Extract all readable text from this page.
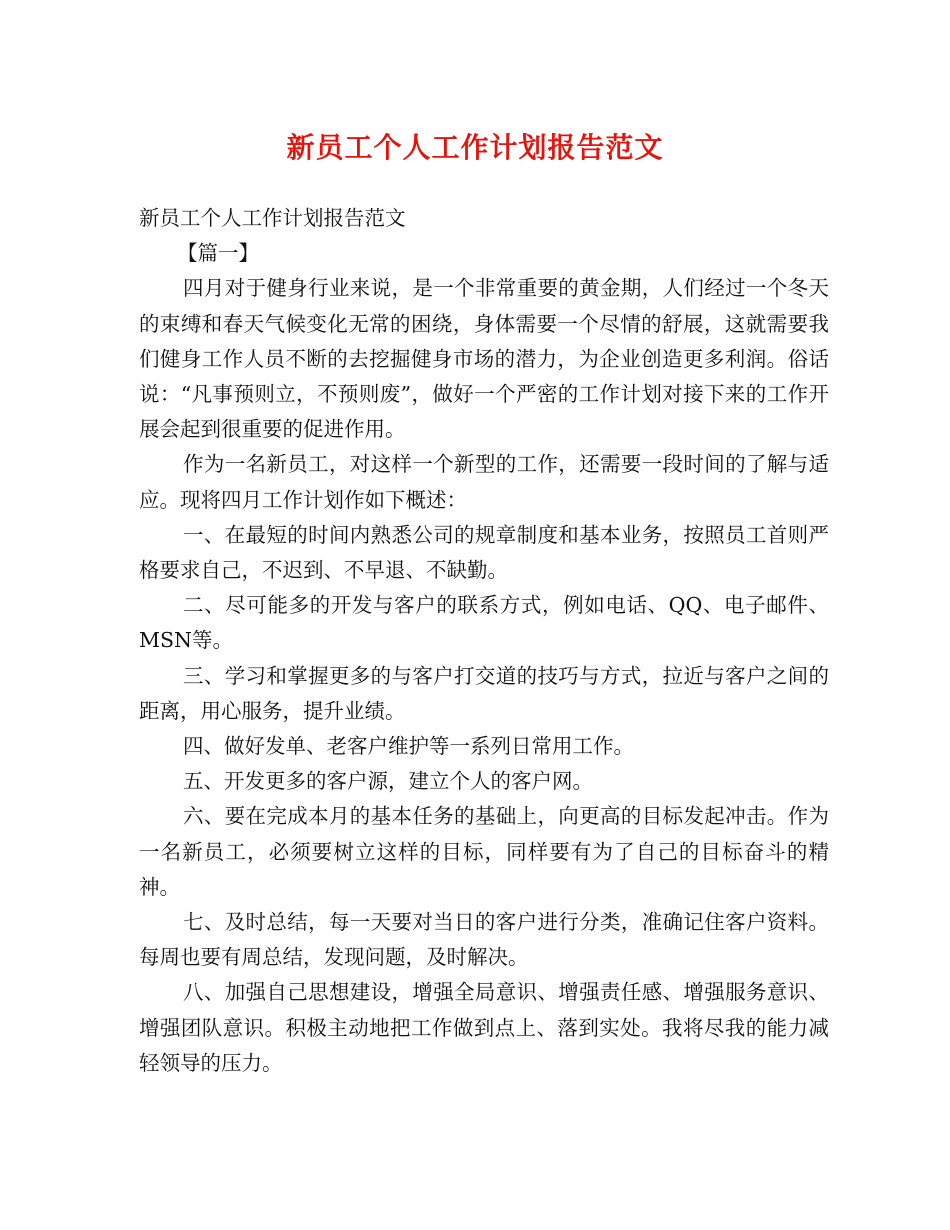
新员工个人工作计划报告范文

新员工个人工作计划报告范文

【篇一】

四月对于健身行业来说，是一个非常重要的黄金期，人们经过一个冬天的束缚和春天气候变化无常的困绕，身体需要一个尽情的舒展，这就需要我们健身工作人员不断的去挖掘健身市场的潜力，为企业创造更多利润。俗话说：“凡事预则立，不预则废”，做好一个严密的工作计划对接下来的工作开展会起到很重要的促进作用。

作为一名新员工，对这样一个新型的工作，还需要一段时间的了解与适应。现将四月工作计划作如下概述：

一、在最短的时间内熟悉公司的规章制度和基本业务，按照员工首则严格要求自己，不迟到、不早退、不缺勤。

二、尽可能多的开发与客户的联系方式，例如电话、QQ、电子邮件、MSN等。

三、学习和掌握更多的与客户打交道的技巧与方式，拉近与客户之间的距离，用心服务，提升业绩。

四、做好发单、老客户维护等一系列日常用工作。

五、开发更多的客户源，建立个人的客户网。

六、要在完成本月的基本任务的基础上，向更高的目标发起冲击。作为一名新员工，必须要树立这样的目标，同样要有为了自己的目标奋斗的精神。

七、及时总结，每一天要对当日的客户进行分类，准确记住客户资料。每周也要有周总结，发现问题，及时解决。

八、加强自己思想建设，增强全局意识、增强责任感、增强服务意识、增强团队意识。积极主动地把工作做到点上、落到实处。我将尽我的能力减轻领导的压力。
